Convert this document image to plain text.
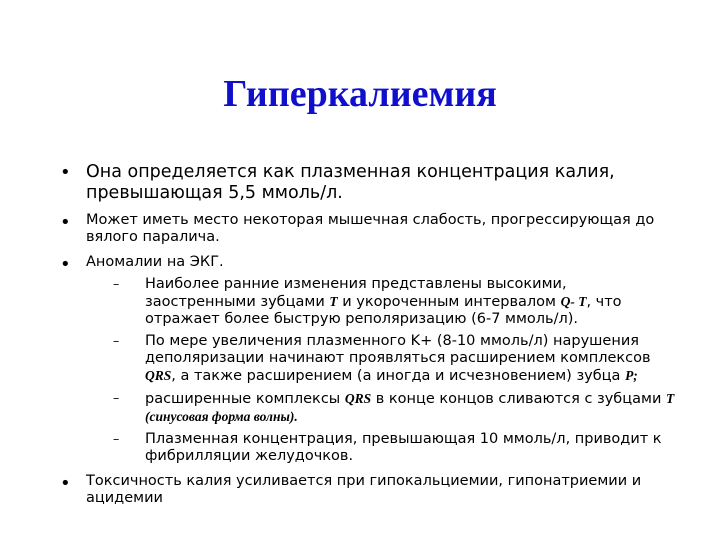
Гиперкалиемия
• Она определяется как плазменная концентрация калия, превышающая 5,5 ммоль/л.
• Может иметь место некоторая мышечная слабость, прогрессирующая до вялого паралича.
• Аномалии на ЭКГ.
– Наиболее ранние изменения представлены высокими, заостренными зубцами T и укороченным интервалом Q- T, что отражает более быструю реполяризацию (6-7 ммоль/л).
– По мере увеличения плазменного K+ (8-10 ммоль/л) нарушения деполяризации начинают проявляться расширением комплексов QRS, а также расширением (а иногда и исчезновением) зубца P;
– расширенные комплексы QRS в конце концов сливаются с зубцами T (синусовая форма волны).
– Плазменная концентрация, превышающая 10 ммоль/л, приводит к фибрилляции желудочков.
• Токсичность калия усиливается при гипокальциемии, гипонатриемии и ацидемии
